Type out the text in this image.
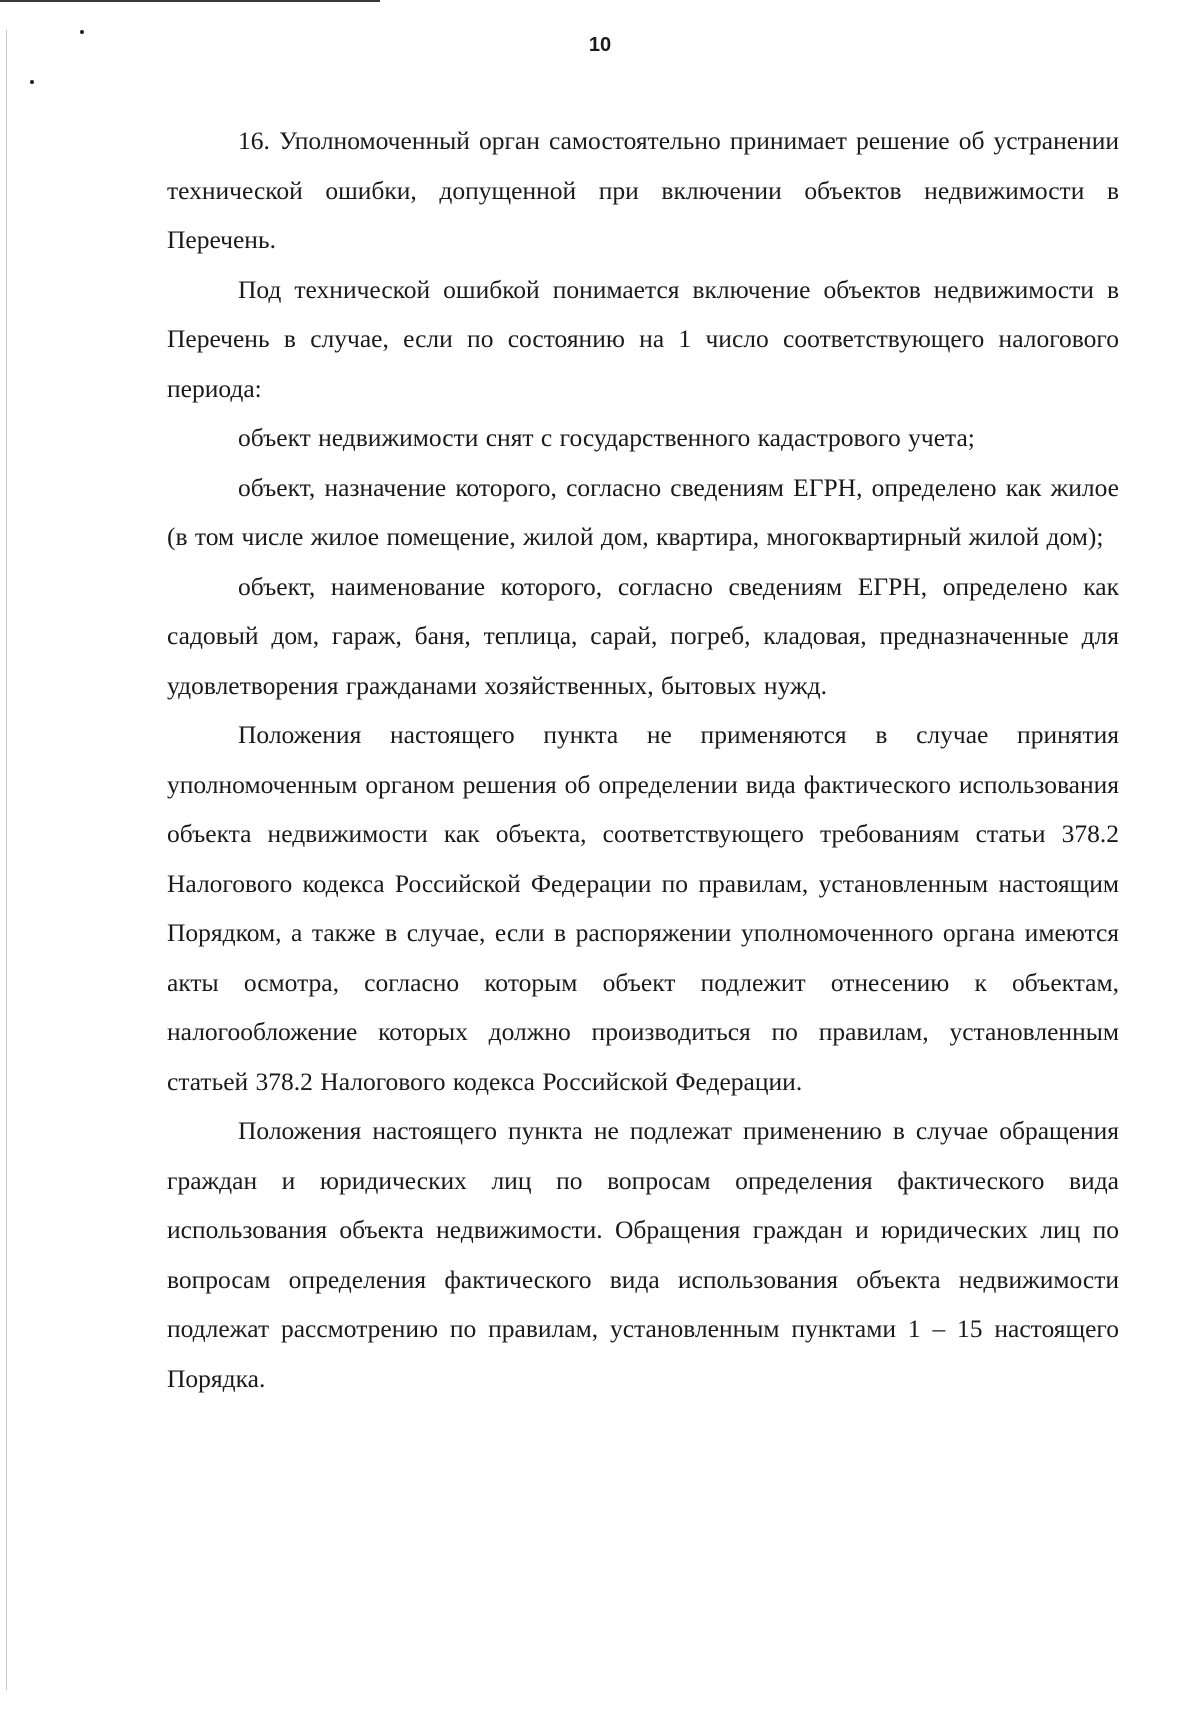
10

16. Уполномоченный орган самостоятельно принимает решение об устранении технической ошибки, допущенной при включении объектов недвижимости в Перечень.

Под технической ошибкой понимается включение объектов недвижимости в Перечень в случае, если по состоянию на 1 число соответствующего налогового периода:

объект недвижимости снят с государственного кадастрового учета;

объект, назначение которого, согласно сведениям ЕГРН, определено как жилое (в том числе жилое помещение, жилой дом, квартира, многоквартирный жилой дом);

объект, наименование которого, согласно сведениям ЕГРН, определено как садовый дом, гараж, баня, теплица, сарай, погреб, кладовая, предназначенные для удовлетворения гражданами хозяйственных, бытовых нужд.

Положения настоящего пункта не применяются в случае принятия уполномоченным органом решения об определении вида фактического использования объекта недвижимости как объекта, соответствующего требованиям статьи 378.2 Налогового кодекса Российской Федерации по правилам, установленным настоящим Порядком, а также в случае, если в распоряжении уполномоченного органа имеются акты осмотра, согласно которым объект подлежит отнесению к объектам, налогообложение которых должно производиться по правилам, установленным статьей 378.2 Налогового кодекса Российской Федерации.

Положения настоящего пункта не подлежат применению в случае обращения граждан и юридических лиц по вопросам определения фактического вида использования объекта недвижимости. Обращения граждан и юридических лиц по вопросам определения фактического вида использования объекта недвижимости подлежат рассмотрению по правилам, установленным пунктами 1 – 15 настоящего Порядка.
